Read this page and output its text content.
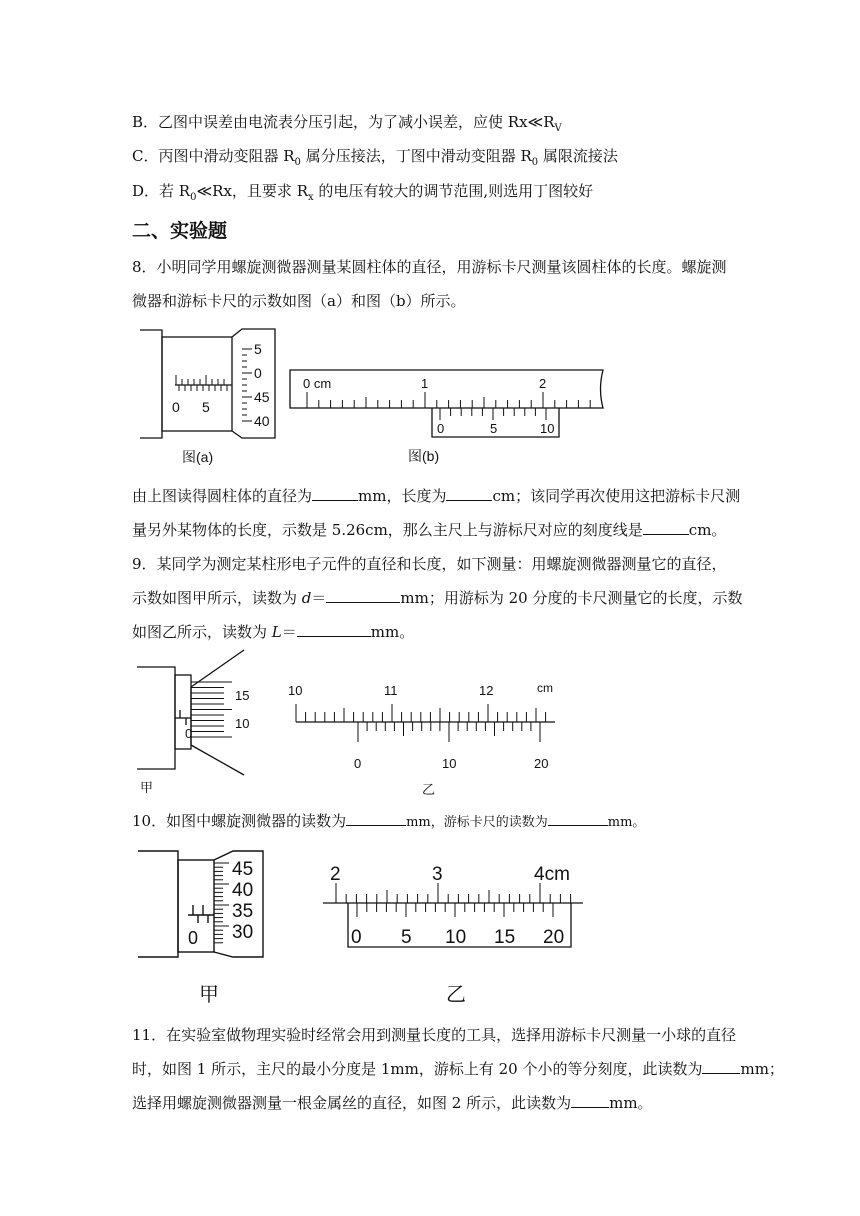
B．乙图中误差由电流表分压引起，为了减小误差，应使 $Rx≪R_V$
C．丙图中滑动变阻器 $R_0$ 属分压接法，丁图中滑动变阻器 $R_0$ 属限流接法
D．若 $R_0≪Rx$，且要求 $R_x$ 的电压有较大的调节范围,则选用丁图较好
二、实验题
8．小明同学用螺旋测微器测量某圆柱体的直径，用游标卡尺测量该圆柱体的长度。螺旋测
微器和游标卡尺的示数如图（a）和图（b）所示。
5
0
45
40
0 5
图(a)
0 cm	1	2
0	5	10
图(b)
由上图读得圆柱体的直径为	mm，长度为	cm；该同学再次使用这把游标卡尺测
量另外某物体的长度，示数是 5.26cm，那么主尺上与游标尺对应的刻度线是	cm。
9．某同学为测定某柱形电子元件的直径和长度，如下测量：用螺旋测微器测量它的直径，
示数如图甲所示，读数为 d＝	mm；用游标为 20 分度的卡尺测量它的长度，示数
如图乙所示，读数为 L＝	mm。
15
10
0
甲
10	11	12	cm
0	10	20
乙
10．如图中螺旋测微器的读数为	mm，游标卡尺的读数为	mm。
45
40
35
30
0
甲
2	3	4cm
0 5 10 15 20
乙
11．在实验室做物理实验时经常会用到测量长度的工具，选择用游标卡尺测量一小球的直径
时，如图 1 所示，主尺的最小分度是 1mm，游标上有 20 个小的等分刻度，此读数为	mm；
选择用螺旋测微器测量一根金属丝的直径，如图 2 所示，此读数为	mm。
